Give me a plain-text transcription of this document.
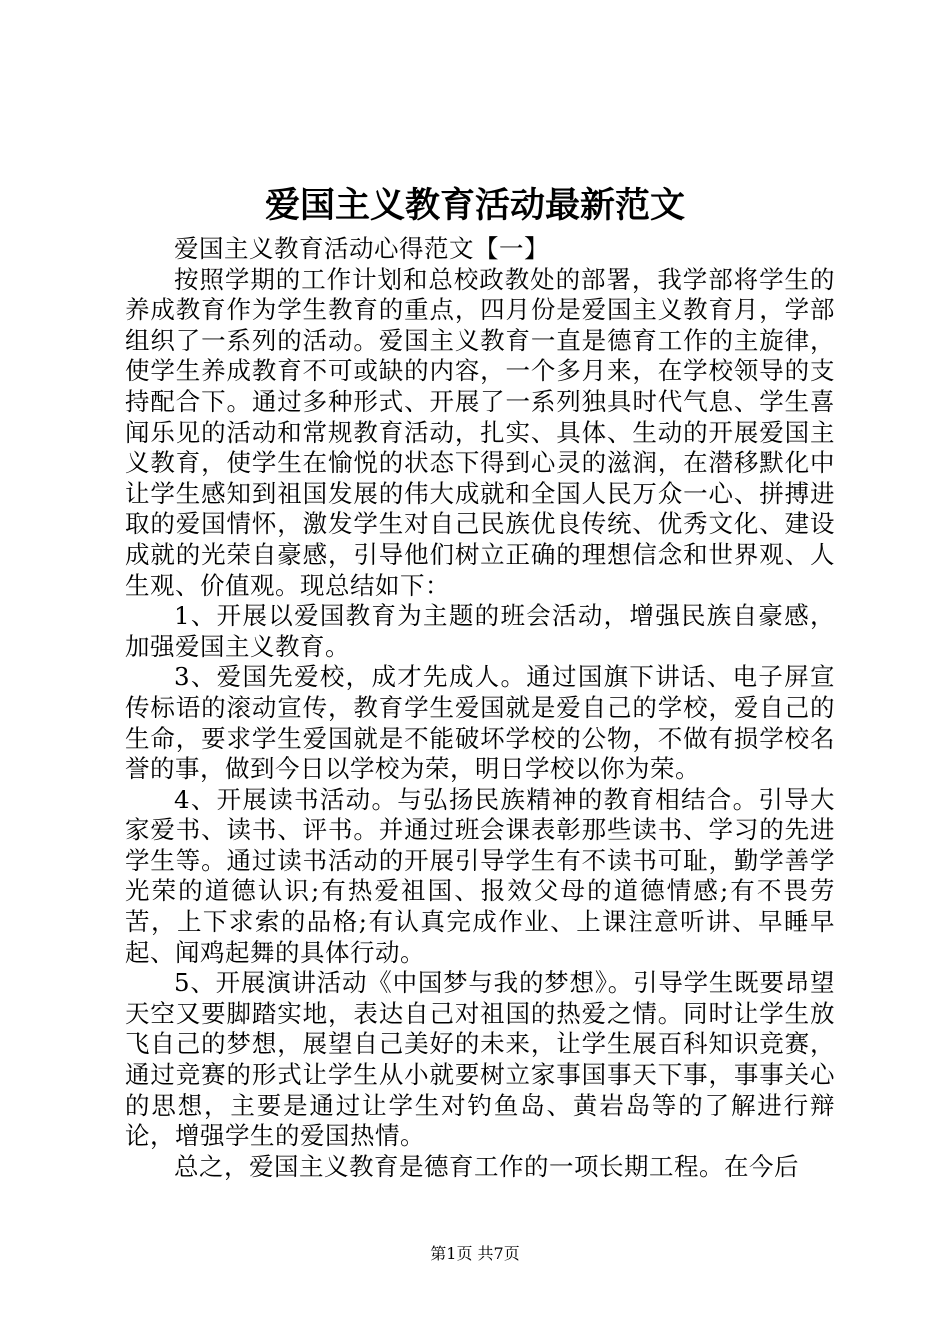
爱国主义教育活动最新范文

爱国主义教育活动心得范文【一】

按照学期的工作计划和总校政教处的部署，我学部将学生的养成教育作为学生教育的重点，四月份是爱国主义教育月，学部组织了一系列的活动。爱国主义教育一直是德育工作的主旋律，使学生养成教育不可或缺的内容，一个多月来，在学校领导的支持配合下。通过多种形式、开展了一系列独具时代气息、学生喜闻乐见的活动和常规教育活动，扎实、具体、生动的开展爱国主义教育，使学生在愉悦的状态下得到心灵的滋润，在潜移默化中让学生感知到祖国发展的伟大成就和全国人民万众一心、拼搏进取的爱国情怀，激发学生对自己民族优良传统、优秀文化、建设成就的光荣自豪感，引导他们树立正确的理想信念和世界观、人生观、价值观。现总结如下：

1、开展以爱国教育为主题的班会活动，增强民族自豪感，加强爱国主义教育。

3、爱国先爱校，成才先成人。通过国旗下讲话、电子屏宣传标语的滚动宣传，教育学生爱国就是爱自己的学校，爱自己的生命，要求学生爱国就是不能破坏学校的公物，不做有损学校名誉的事，做到今日以学校为荣，明日学校以你为荣。

4、开展读书活动。与弘扬民族精神的教育相结合。引导大家爱书、读书、评书。并通过班会课表彰那些读书、学习的先进学生等。通过读书活动的开展引导学生有不读书可耻，勤学善学光荣的道德认识;有热爱祖国、报效父母的道德情感;有不畏劳苦，上下求索的品格;有认真完成作业、上课注意听讲、早睡早起、闻鸡起舞的具体行动。

5、开展演讲活动《中国梦与我的梦想》。引导学生既要昂望天空又要脚踏实地，表达自己对祖国的热爱之情。同时让学生放飞自己的梦想，展望自己美好的未来，让学生展百科知识竞赛，通过竞赛的形式让学生从小就要树立家事国事天下事，事事关心的思想，主要是通过让学生对钓鱼岛、黄岩岛等的了解进行辩论，增强学生的爱国热情。

总之，爱国主义教育是德育工作的一项长期工程。在今后

第1页 共7页
